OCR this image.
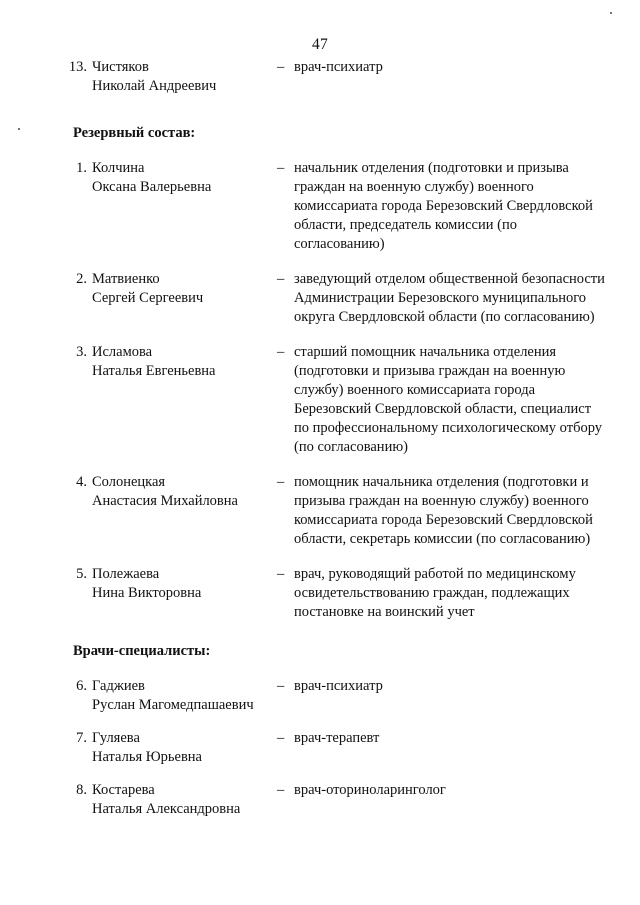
47
13. Чистяков
Николай Андреевич
– врач-психиатр
Резервный состав:
1. Колчина
Оксана Валерьевна
– начальник отделения (подготовки и призыва граждан на военную службу) военного комиссариата города Березовский Свердловской области, председатель комиссии (по согласованию)
2. Матвиенко
Сергей Сергеевич
– заведующий отделом общественной безопасности Администрации Березовского муниципального округа Свердловской области (по согласованию)
3. Исламова
Наталья Евгеньевна
– старший помощник начальника отделения (подготовки и призыва граждан на военную службу) военного комиссариата города Березовский Свердловской области, специалист по профессиональному психологическому отбору (по согласованию)
4. Солонецкая
Анастасия Михайловна
– помощник начальника отделения (подготовки и призыва граждан на военную службу) военного комиссариата города Березовский Свердловской области, секретарь комиссии (по согласованию)
5. Полежаева
Нина Викторовна
– врач, руководящий работой по медицинскому освидетельствованию граждан, подлежащих постановке на воинский учет
Врачи-специалисты:
6. Гаджиев
Руслан Магомедпашаевич
– врач-психиатр
7. Гуляева
Наталья Юрьевна
– врач-терапевт
8. Костарева
Наталья Александровна
– врач-оториноларинголог
